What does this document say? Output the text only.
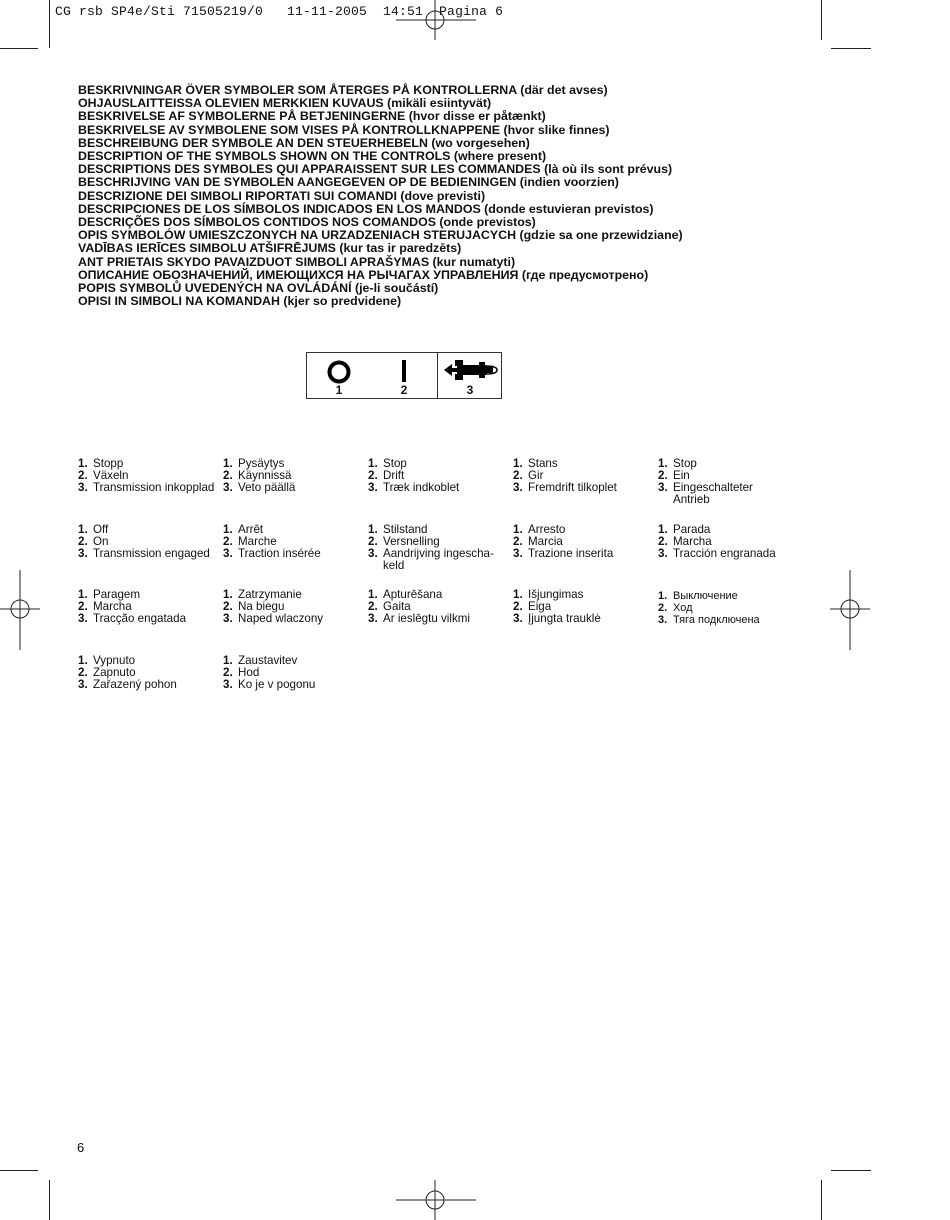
CG rsb SP4e/Sti 71505219/0   11-11-2005  14:51  Pagina 6
BESKRIVNINGAR ÖVER SYMBOLER SOM ÅTERGES PÅ KONTROLLERNA (där det avses)
OHJAUSLAITTEISSA OLEVIEN MERKKIEN KUVAUS (mikäli esiintyvät)
BESKRIVELSE AF SYMBOLERNE PÅ BETJENINGERNE (hvor disse er påtænkt)
BESKRIVELSE AV SYMBOLENE SOM VISES PÅ KONTROLLKNAPPENE (hvor slike finnes)
BESCHREIBUNG DER SYMBOLE AN DEN STEUERHEBELN (wo vorgesehen)
DESCRIPTION OF THE SYMBOLS SHOWN ON THE CONTROLS (where present)
DESCRIPTIONS DES SYMBOLES QUI APPARAISSENT SUR LES COMMANDES (là où ils sont prévus)
BESCHRIJVING VAN DE SYMBOLEN AANGEGEVEN OP DE BEDIENINGEN (indien voorzien)
DESCRIZIONE DEI SIMBOLI RIPORTATI SUI COMANDI (dove previsti)
DESCRIPCIONES DE LOS SÍMBOLOS INDICADOS EN LOS MANDOS (donde estuvieran previstos)
DESCRIÇÕES DOS SÍMBOLOS CONTIDOS NOS COMANDOS (onde previstos)
OPIS SYMBOLÓW UMIESZCZONYCH NA URZADZENIACH STERUJACYCH (gdzie sa one przewidziane)
VADĪBAS IERĪCES SIMBOLU ATŠIFRĒJUMS (kur tas ir paredzēts)
ANT PRIETAIS SKYDO PAVAIZDUOT SIMBOLI APRAŠYMAS (kur numatyti)
ОПИСАНИЕ ОБОЗНАЧЕНИЙ, ИМЕЮЩИХСЯ НА РЫЧАГАХ УПРАВЛЕНИЯ (где предусмотрено)
POPIS SYMBOLŮ UVEDENÝCH NA OVLÁDÁNÍ (je-li součástí)
OPISI IN SIMBOLI NA KOMANDAH (kjer so predvidene)
1	2	3
1. Stopp
2. Växeln
3. Transmission inkopplad
1. Pysäytys
2. Käynnissä
3. Veto päällä
1. Stop
2. Drift
3. Træk indkoblet
1. Stans
2. Gir
3. Fremdrift tilkoplet
1. Stop
2. Ein
3. Eingeschalteter Antrieb
1. Off
2. On
3. Transmission engaged
1. Arrêt
2. Marche
3. Traction insérée
1. Stilstand
2. Versnelling
3. Aandrijving ingescha-keld
1. Arresto
2. Marcia
3. Trazione inserita
1. Parada
2. Marcha
3. Tracción engranada
1. Paragem
2. Marcha
3. Tracção engatada
1. Zatrzymanie
2. Na biegu
3. Naped wlaczony
1. Apturēšana
2. Gaita
3. Ar ieslēgtu vilkmi
1. Išjungimas
2. Eiga
3. Įjungta trauklė
1. Выключение
2. Ход
3. Тяга подключена
1. Vypnuto
2. Zapnuto
3. Zařazený pohon
1. Zaustavitev
2. Hod
3. Ko je v pogonu
6
